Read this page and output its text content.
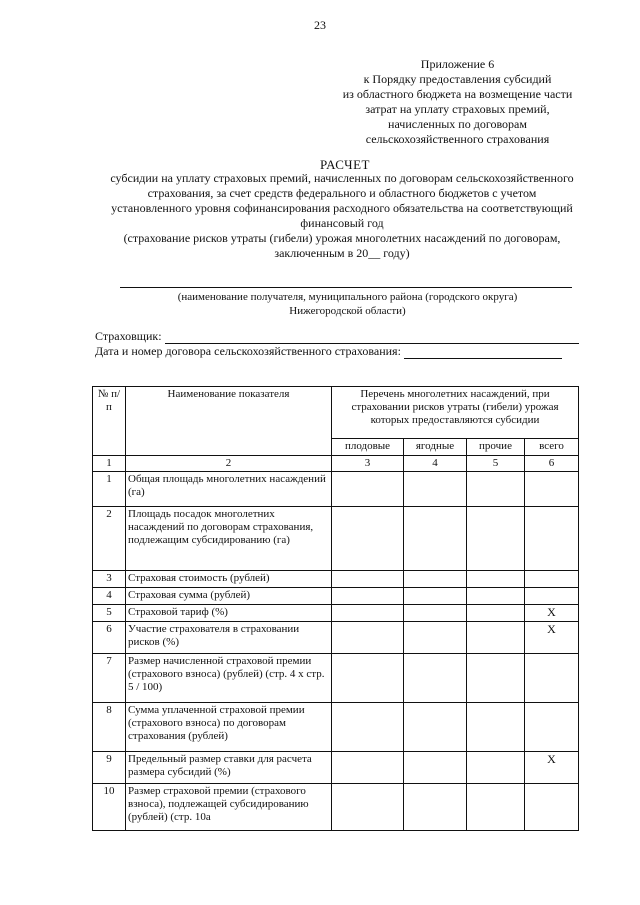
23
Приложение 6
к Порядку предоставления субсидий
из областного бюджета на возмещение части
затрат на уплату страховых премий,
начисленных по договорам
сельскохозяйственного страхования
РАСЧЕТ
субсидии на уплату страховых премий, начисленных по договорам сельскохозяйственного
страхования, за счет средств федерального и областного бюджетов с учетом
установленного уровня софинансирования расходного обязательства на соответствующий
финансовый год
(страхование рисков утраты (гибели) урожая многолетних насаждений по договорам,
заключенным в 20__ году)
(наименование получателя, муниципального района (городского округа)
Нижегородской области)
Страховщик:
Дата и номер договора сельскохозяйственного страхования:
№ п/п	Наименование показателя	Перечень многолетних насаждений, при страховании рисков утраты (гибели) урожая которых предоставляются субсидии			
		плодовые	ягодные	прочие	всего
1	2	3	4	5	6
1	Общая площадь многолетних насаждений (га)				
2	Площадь посадок многолетних насаждений по договорам страхования, подлежащим субсидированию (га)				
3	Страховая стоимость (рублей)				
4	Страховая сумма (рублей)				
5	Страховой тариф (%)				Х
6	Участие страхователя в страховании рисков (%)				Х
7	Размер начисленной страховой премии (страхового взноса) (рублей) (стр. 4 х стр. 5 / 100)				
8	Сумма уплаченной страховой премии (страхового взноса) по договорам страхования (рублей)				
9	Предельный размер ставки для расчета размера субсидий (%)				Х
10	Размер страховой премии (страхового взноса), подлежащей субсидированию (рублей) (стр. 10а				
